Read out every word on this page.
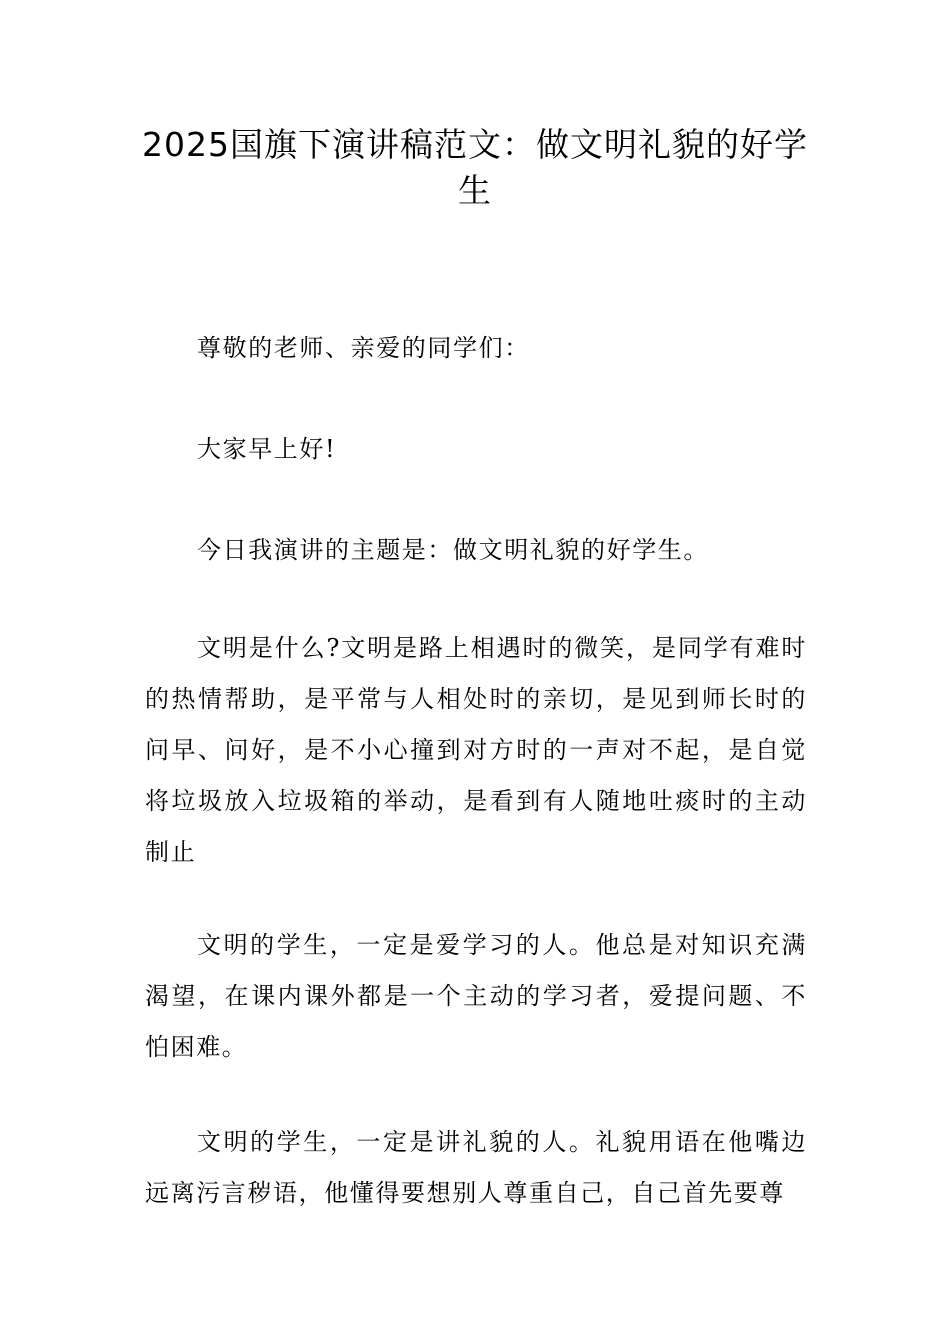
2025国旗下演讲稿范文：做文明礼貌的好学生

尊敬的老师、亲爱的同学们：

大家早上好!

今日我演讲的主题是：做文明礼貌的好学生。

文明是什么?文明是路上相遇时的微笑，是同学有难时的热情帮助，是平常与人相处时的亲切，是见到师长时的问早、问好，是不小心撞到对方时的一声对不起，是自觉将垃圾放入垃圾箱的举动，是看到有人随地吐痰时的主动制止

文明的学生，一定是爱学习的人。他总是对知识充满渴望，在课内课外都是一个主动的学习者，爱提问题、不怕困难。

文明的学生，一定是讲礼貌的人。礼貌用语在他嘴边远离污言秽语，他懂得要想别人尊重自己，自己首先要尊
